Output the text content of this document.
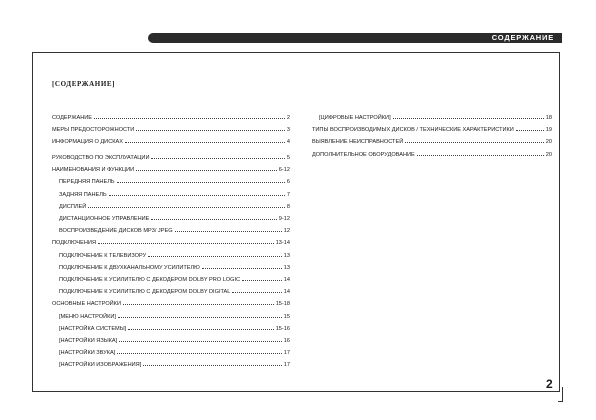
СОДЕРЖАНИЕ
[СОДЕРЖАНИЕ]
СОДЕРЖАНИЕ	2
МЕРЫ ПРЕДОСТОРОЖНОСТИ	3
ИНФОРМАЦИЯ О ДИСКАХ	4
РУКОВОДСТВО ПО ЭКСПЛУАТАЦИИ	5
НАИМЕНОВАНИЯ И ФУНКЦИИ	6-12
ПЕРЕДНЯЯ ПАНЕЛЬ	6
ЗАДНЯЯ ПАНЕЛЬ	7
ДИСПЛЕЙ	8
ДИСТАНЦИОННОЕ УПРАВЛЕНИЕ	9-12
ВОСПРОИЗВЕДЕНИЕ ДИСКОВ MP3/ JPEG	12
ПОДКЛЮЧЕНИЯ	13-14
ПОДКЛЮЧЕНИЕ К ТЕЛЕВИЗОРУ	13
ПОДКЛЮЧЕНИЕ К ДВУХКАНАЛЬНОМУ УСИЛИТЕЛЮ	13
ПОДКЛЮЧЕНИЕ К УСИЛИТЕЛЮ С ДЕКОДЕРОМ DOLBY PRO LOGIC	14
ПОДКЛЮЧЕНИЕ К УСИЛИТЕЛЮ С ДЕКОДЕРОМ DOLBY DIGITAL	14
ОСНОВНЫЕ НАСТРОЙКИ	15-18
[МЕНЮ НАСТРОЙКИ]	15
[НАСТРОЙКА СИСТЕМЫ]	15-16
[НАСТРОЙКИ ЯЗЫКА]	16
[НАСТРОЙКИ ЗВУКА]	17
[НАСТРОЙКИ ИЗОБРАЖЕНИЯ]	17
[ЦИФРОВЫЕ НАСТРОЙКИ]	18
ТИПЫ ВОСПРОИЗВОДИМЫХ ДИСКОВ / ТЕХНИЧЕСКИЕ ХАРАКТЕРИСТИКИ	19
ВЫЯВЛЕНИЕ НЕИСПРАВНОСТЕЙ	20
ДОПОЛНИТЕЛЬНОЕ ОБОРУДОВАНИЕ	20
2
